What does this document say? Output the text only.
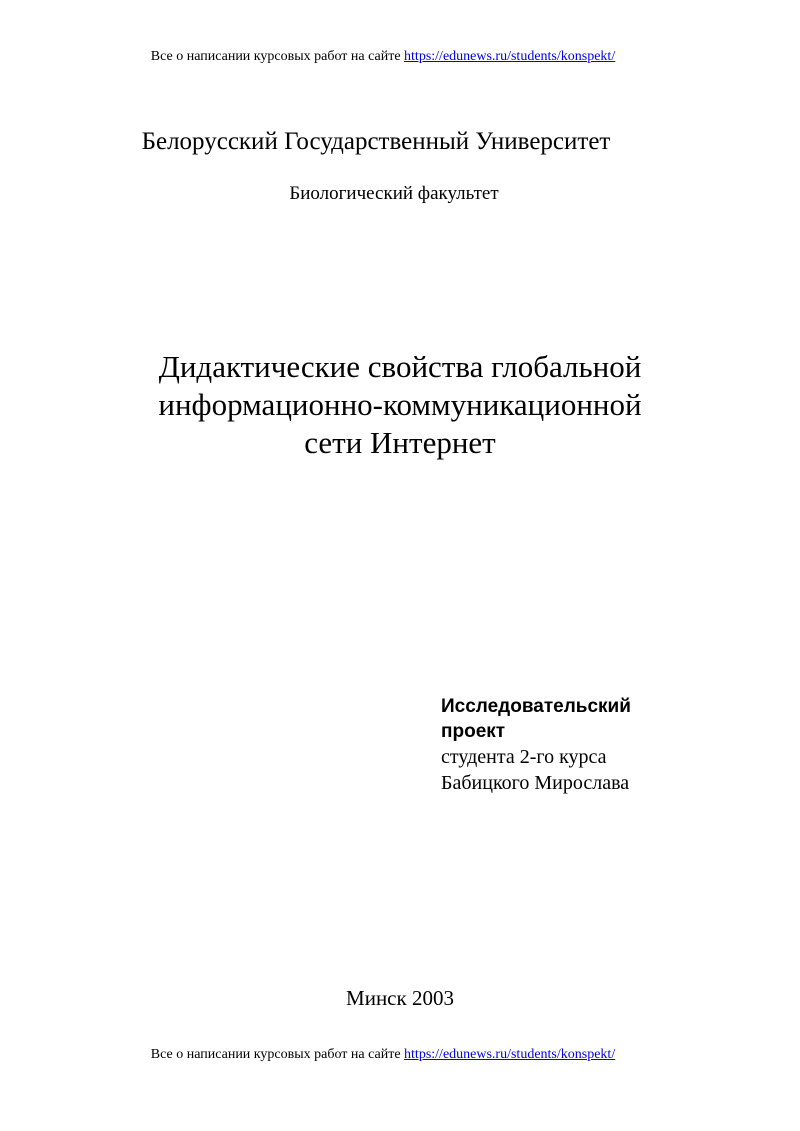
Все о написании курсовых работ на сайте https://edunews.ru/students/konspekt/
Белорусский Государственный Университет
Биологический факультет
Дидактические свойства глобальной
информационно-коммуникационной
сети Интернет
Исследовательский
проект
студента 2-го курса
Бабицкого Мирослава
Минск 2003
Все о написании курсовых работ на сайте https://edunews.ru/students/konspekt/
